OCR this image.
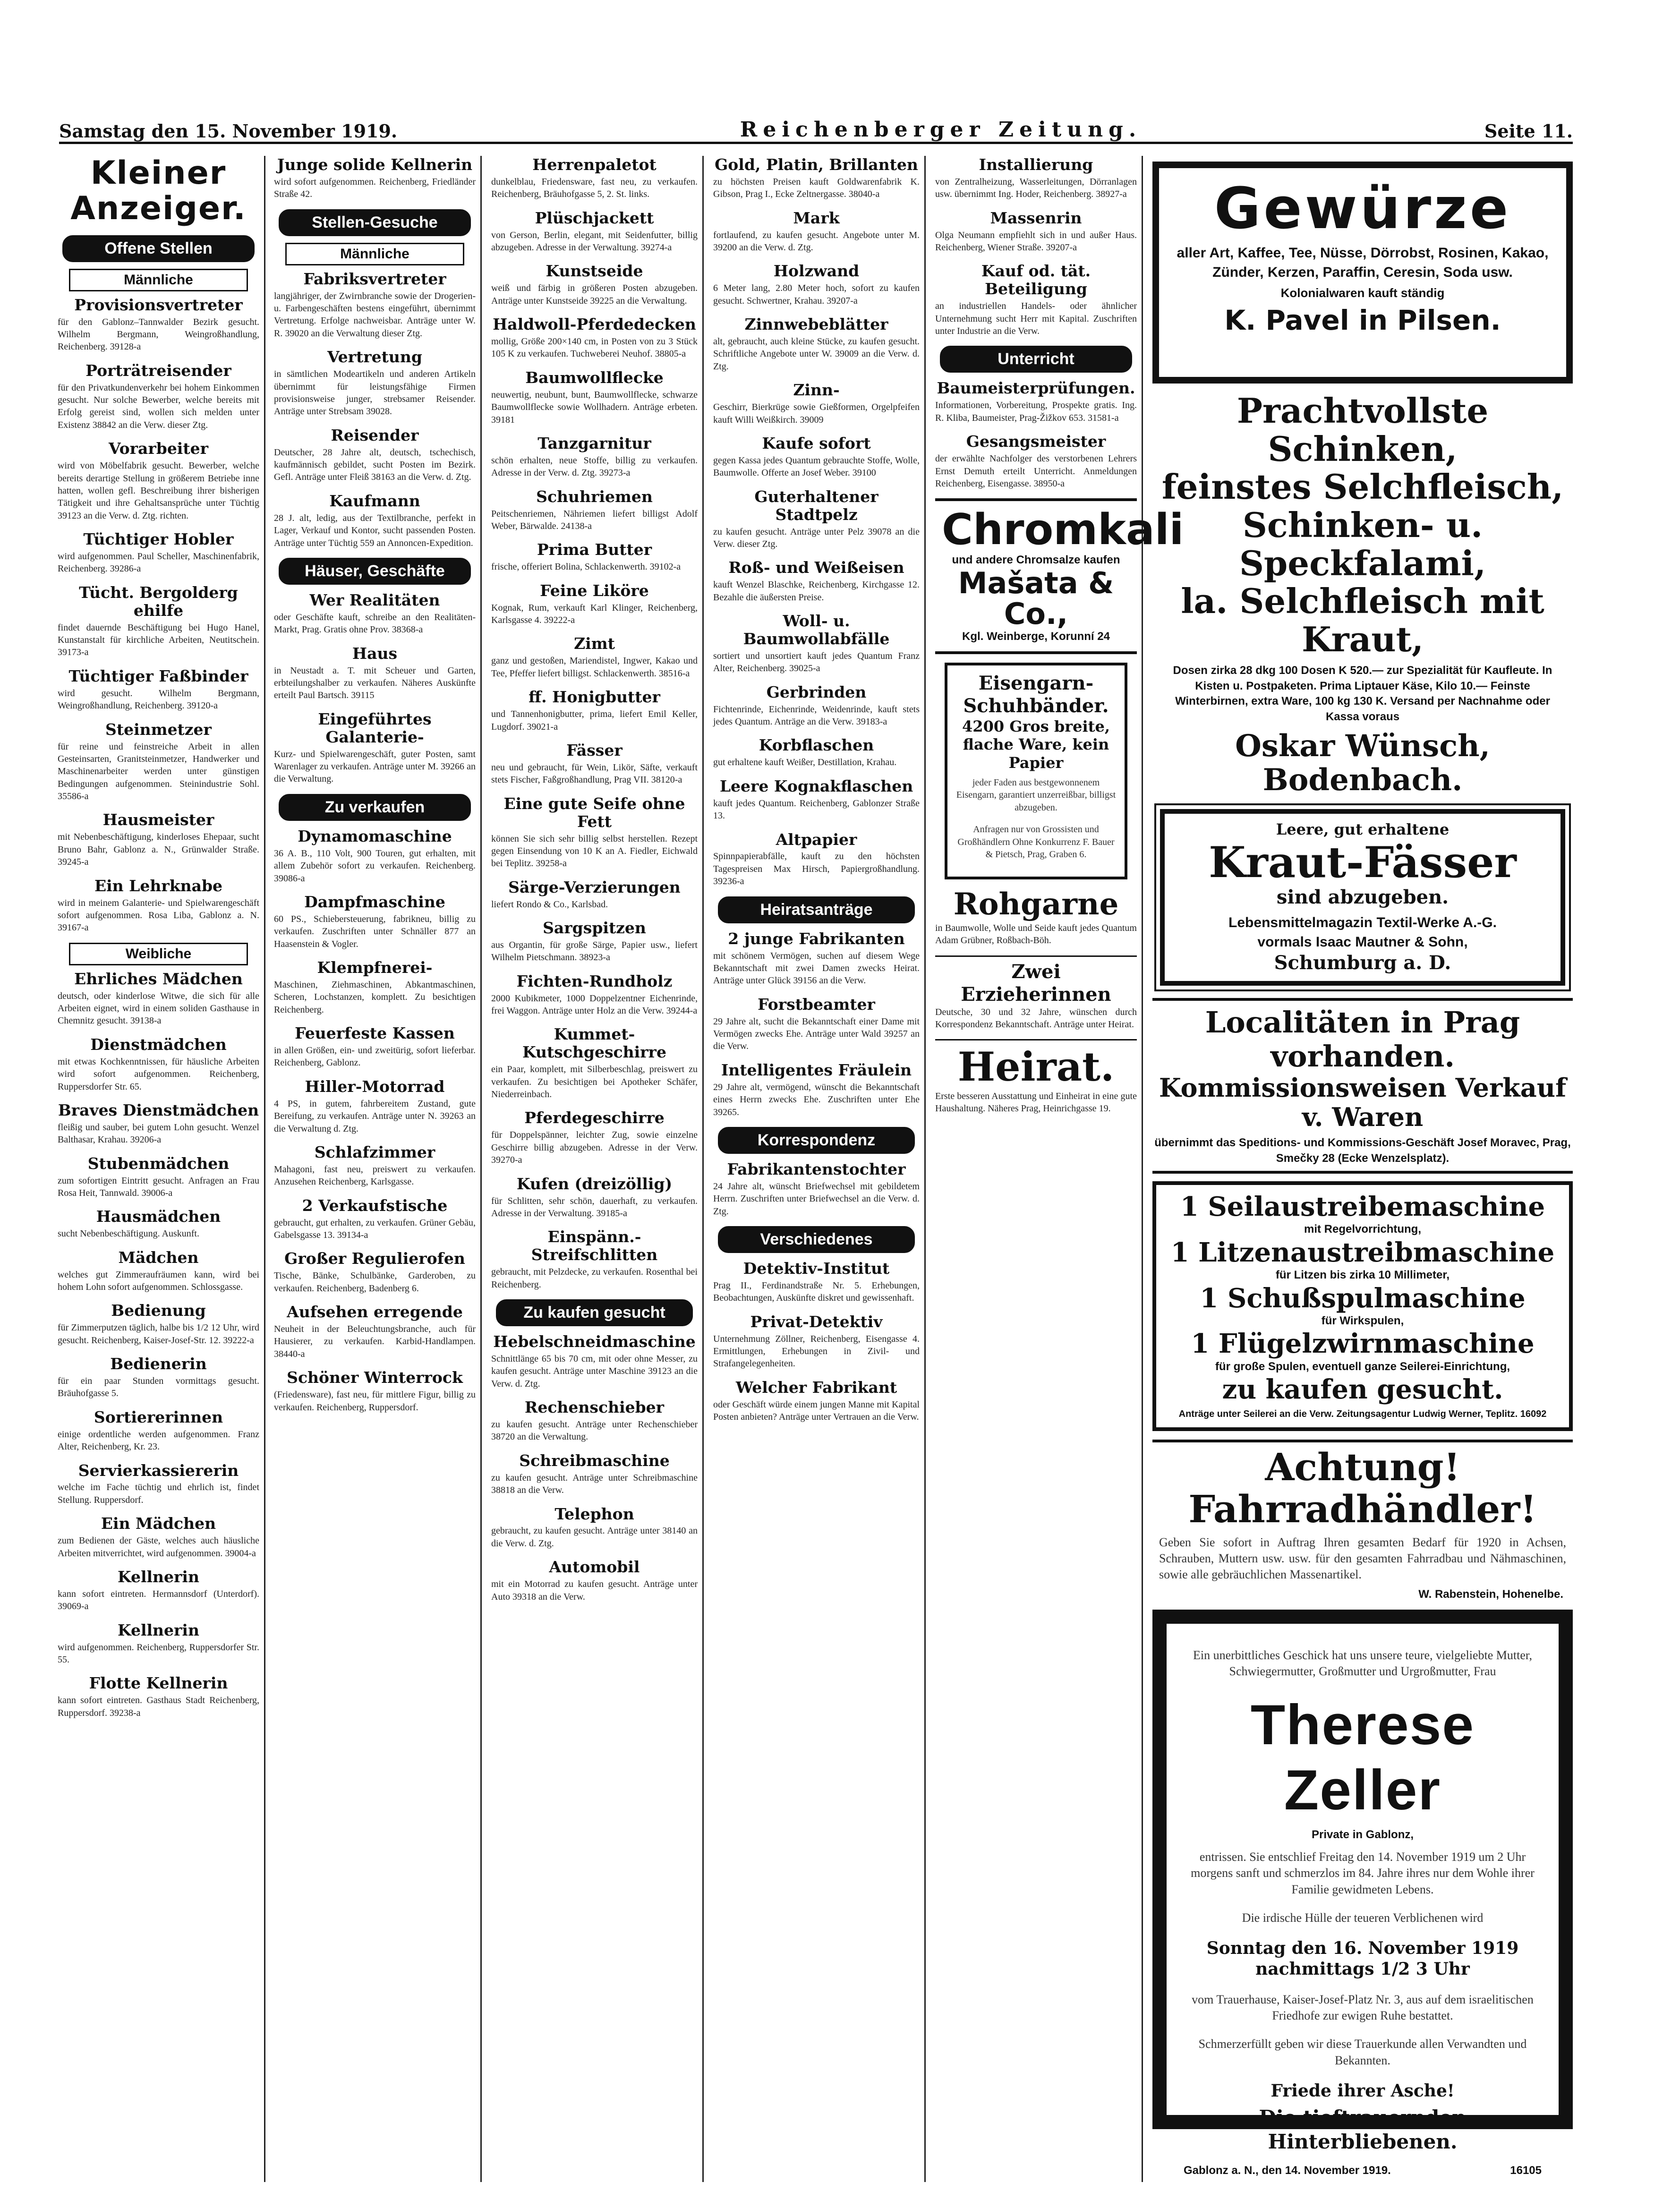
Samstag den 15. November 1919.	Reichenberger Zeitung.	Seite 11.
Kleiner Anzeiger.
Offene Stellen
Männliche
Provisionsvertreter

für den Gablonz–Tannwalder Bezirk gesucht. Wilhelm Bergmann, Weingroßhandlung, Reichenberg. 39128-a

Porträtreisender

für den Privatkundenverkehr bei hohem Einkommen gesucht. Nur solche Bewerber, welche bereits mit Erfolg gereist sind, wollen sich melden unter Existenz 38842 an die Verw. dieser Ztg.

Vorarbeiter

wird von Möbelfabrik gesucht. Bewerber, welche bereits derartige Stellung in größerem Betriebe inne hatten, wollen gefl. Beschreibung ihrer bisherigen Tätigkeit und ihre Gehaltsansprüche unter Tüchtig 39123 an die Verw. d. Ztg. richten.

Tüchtiger Hobler

wird aufgenommen. Paul Scheller, Maschinenfabrik, Reichenberg. 39286-a

Tücht. Bergolderg ehilfe

findet dauernde Beschäftigung bei Hugo Hanel, Kunstanstalt für kirchliche Arbeiten, Neutitschein. 39173-a

Tüchtiger Faßbinder

wird gesucht. Wilhelm Bergmann, Weingroßhandlung, Reichenberg. 39120-a

Steinmetzer

für reine und feinstreiche Arbeit in allen Gesteinsarten, Granitsteinmetzer, Handwerker und Maschinenarbeiter werden unter günstigen Bedingungen aufgenommen. Steinindustrie Sohl. 35586-a

Hausmeister

mit Nebenbeschäftigung, kinderloses Ehepaar, sucht Bruno Bahr, Gablonz a. N., Grünwalder Straße. 39245-a

Ein Lehrknabe

wird in meinem Galanterie- und Spielwarengeschäft sofort aufgenommen. Rosa Liba, Gablonz a. N. 39167-a

Weibliche
Ehrliches Mädchen

deutsch, oder kinderlose Witwe, die sich für alle Arbeiten eignet, wird in einem soliden Gasthause in Chemnitz gesucht. 39138-a

Dienstmädchen

mit etwas Kochkenntnissen, für häusliche Arbeiten wird sofort aufgenommen. Reichenberg, Ruppersdorfer Str. 65.

Braves Dienstmädchen

fleißig und sauber, bei gutem Lohn gesucht. Wenzel Balthasar, Krahau. 39206-a

Stubenmädchen

zum sofortigen Eintritt gesucht. Anfragen an Frau Rosa Heit, Tannwald. 39006-a

Hausmädchen

sucht Nebenbeschäftigung. Auskunft.

Mädchen

welches gut Zimmeraufräumen kann, wird bei hohem Lohn sofort aufgenommen. Schlossgasse.

Bedienung

für Zimmerputzen täglich, halbe bis 1/2 12 Uhr, wird gesucht. Reichenberg, Kaiser-Josef-Str. 12. 39222-a

Bedienerin

für ein paar Stunden vormittags gesucht. Bräuhofgasse 5.

Sortiererinnen

einige ordentliche werden aufgenommen. Franz Alter, Reichenberg, Kr. 23.

Servierkassiererin

welche im Fache tüchtig und ehrlich ist, findet Stellung. Ruppersdorf.

Ein Mädchen

zum Bedienen der Gäste, welches auch häusliche Arbeiten mitverrichtet, wird aufgenommen. 39004-a

Kellnerin

kann sofort eintreten. Hermannsdorf (Unterdorf). 39069-a

Kellnerin

wird aufgenommen. Reichenberg, Ruppersdorfer Str. 55.

Flotte Kellnerin

kann sofort eintreten. Gasthaus Stadt Reichenberg, Ruppersdorf. 39238-a

Junge solide Kellnerin

wird sofort aufgenommen. Reichenberg, Friedländer Straße 42.

Stellen-Gesuche
Männliche
Fabriksvertreter

langjähriger, der Zwirnbranche sowie der Drogerien- u. Farbengeschäften bestens eingeführt, übernimmt Vertretung. Erfolge nachweisbar. Anträge unter W. R. 39020 an die Verwaltung dieser Ztg.

Vertretung

in sämtlichen Modeartikeln und anderen Artikeln übernimmt für leistungsfähige Firmen provisionsweise junger, strebsamer Reisender. Anträge unter Strebsam 39028.

Reisender

Deutscher, 28 Jahre alt, deutsch, tschechisch, kaufmännisch gebildet, sucht Posten im Bezirk. Gefl. Anträge unter Fleiß 38163 an die Verw. d. Ztg.

Kaufmann

28 J. alt, ledig, aus der Textilbranche, perfekt in Lager, Verkauf und Kontor, sucht passenden Posten. Anträge unter Tüchtig 559 an Annoncen-Expedition.

Häuser, Geschäfte
Wer Realitäten

oder Geschäfte kauft, schreibe an den Realitäten-Markt, Prag. Gratis ohne Prov. 38368-a

Haus

in Neustadt a. T. mit Scheuer und Garten, erbteilungshalber zu verkaufen. Näheres Auskünfte erteilt Paul Bartsch. 39115

Eingeführtes Galanterie-

Kurz- und Spielwarengeschäft, guter Posten, samt Warenlager zu verkaufen. Anträge unter M. 39266 an die Verwaltung.

Zu verkaufen
Dynamomaschine

36 A. B., 110 Volt, 900 Touren, gut erhalten, mit allem Zubehör sofort zu verkaufen. Reichenberg. 39086-a

Dampfmaschine

60 PS., Schiebersteuerung, fabrikneu, billig zu verkaufen. Zuschriften unter Schnäller 877 an Haasenstein & Vogler.

Klempfnerei-

Maschinen, Ziehmaschinen, Abkantmaschinen, Scheren, Lochstanzen, komplett. Zu besichtigen Reichenberg.

Feuerfeste Kassen

in allen Größen, ein- und zweitürig, sofort lieferbar. Reichenberg, Gablonz.

Hiller-Motorrad

4 PS, in gutem, fahrbereitem Zustand, gute Bereifung, zu verkaufen. Anträge unter N. 39263 an die Verwaltung d. Ztg.

Schlafzimmer

Mahagoni, fast neu, preiswert zu verkaufen. Anzusehen Reichenberg, Karlsgasse.

2 Verkaufstische

gebraucht, gut erhalten, zu verkaufen. Grüner Gebäu, Gabelsgasse 13. 39134-a

Großer Regulierofen

Tische, Bänke, Schulbänke, Garderoben, zu verkaufen. Reichenberg, Badenberg 6.

Aufsehen erregende

Neuheit in der Beleuchtungsbranche, auch für Hausierer, zu verkaufen. Karbid-Handlampen. 38440-a

Schöner Winterrock

(Friedensware), fast neu, für mittlere Figur, billig zu verkaufen. Reichenberg, Ruppersdorf.

Herrenpaletot

dunkelblau, Friedensware, fast neu, zu verkaufen. Reichenberg, Bräuhofgasse 5, 2. St. links.

Plüschjackett

von Gerson, Berlin, elegant, mit Seidenfutter, billig abzugeben. Adresse in der Verwaltung. 39274-a

Kunstseide

weiß und färbig in größeren Posten abzugeben. Anträge unter Kunstseide 39225 an die Verwaltung.

Haldwoll-Pferdedecken

mollig, Größe 200×140 cm, in Posten von zu 3 Stück 105 K zu verkaufen. Tuchweberei Neuhof. 38805-a

Baumwollflecke

neuwertig, neubunt, bunt, Baumwollflecke, schwarze Baumwollflecke sowie Wollhadern. Anträge erbeten. 39181

Tanzgarnitur

schön erhalten, neue Stoffe, billig zu verkaufen. Adresse in der Verw. d. Ztg. 39273-a

Schuhriemen

Peitschenriemen, Nähriemen liefert billigst Adolf Weber, Bärwalde. 24138-a

Prima Butter

frische, offeriert Bolina, Schlackenwerth. 39102-a

Feine Liköre

Kognak, Rum, verkauft Karl Klinger, Reichenberg, Karlsgasse 4. 39222-a

Zimt

ganz und gestoßen, Mariendistel, Ingwer, Kakao und Tee, Pfeffer liefert billigst. Schlackenwerth. 38516-a

ff. Honigbutter

und Tannenhonigbutter, prima, liefert Emil Keller, Lugdorf. 39021-a

Fässer

neu und gebraucht, für Wein, Likör, Säfte, verkauft stets Fischer, Faßgroßhandlung, Prag VII. 38120-a

Eine gute Seife ohne Fett

können Sie sich sehr billig selbst herstellen. Rezept gegen Einsendung von 10 K an A. Fiedler, Eichwald bei Teplitz. 39258-a

Särge-Verzierungen

liefert Rondo & Co., Karlsbad.

Sargspitzen

aus Organtin, für große Särge, Papier usw., liefert Wilhelm Pietschmann. 38923-a

Fichten-Rundholz

2000 Kubikmeter, 1000 Doppelzentner Eichenrinde, frei Waggon. Anträge unter Holz an die Verw. 39244-a

Kummet-Kutschgeschirre

ein Paar, komplett, mit Silberbeschlag, preiswert zu verkaufen. Zu besichtigen bei Apotheker Schäfer, Niederreinbach.

Pferdegeschirre

für Doppelspänner, leichter Zug, sowie einzelne Geschirre billig abzugeben. Adresse in der Verw. 39270-a

Kufen (dreizöllig)

für Schlitten, sehr schön, dauerhaft, zu verkaufen. Adresse in der Verwaltung. 39185-a

Einspänn.-Streifschlitten

gebraucht, mit Pelzdecke, zu verkaufen. Rosenthal bei Reichenberg.

Zu kaufen gesucht
Hebelschneidmaschine

Schnittlänge 65 bis 70 cm, mit oder ohne Messer, zu kaufen gesucht. Anträge unter Maschine 39123 an die Verw. d. Ztg.

Rechenschieber

zu kaufen gesucht. Anträge unter Rechenschieber 38720 an die Verwaltung.

Schreibmaschine

zu kaufen gesucht. Anträge unter Schreibmaschine 38818 an die Verw.

Telephon

gebraucht, zu kaufen gesucht. Anträge unter 38140 an die Verw. d. Ztg.

Automobil

mit ein Motorrad zu kaufen gesucht. Anträge unter Auto 39318 an die Verw.

Gold, Platin, Brillanten

zu höchsten Preisen kauft Goldwarenfabrik K. Gibson, Prag I., Ecke Zeltnergasse. 38040-a

Mark

fortlaufend, zu kaufen gesucht. Angebote unter M. 39200 an die Verw. d. Ztg.

Holzwand

6 Meter lang, 2.80 Meter hoch, sofort zu kaufen gesucht. Schwertner, Krahau. 39207-a

Zinnwebeblätter

alt, gebraucht, auch kleine Stücke, zu kaufen gesucht. Schriftliche Angebote unter W. 39009 an die Verw. d. Ztg.

Zinn-

Geschirr, Bierkrüge sowie Gießformen, Orgelpfeifen kauft Willi Weißkirch. 39009

Kaufe sofort

gegen Kassa jedes Quantum gebrauchte Stoffe, Wolle, Baumwolle. Offerte an Josef Weber. 39100

Guterhaltener Stadtpelz

zu kaufen gesucht. Anträge unter Pelz 39078 an die Verw. dieser Ztg.

Roß- und Weißeisen

kauft Wenzel Blaschke, Reichenberg, Kirchgasse 12. Bezahle die äußersten Preise.

Woll- u. Baumwollabfälle

sortiert und unsortiert kauft jedes Quantum Franz Alter, Reichenberg. 39025-a

Gerbrinden

Fichtenrinde, Eichenrinde, Weidenrinde, kauft stets jedes Quantum. Anträge an die Verw. 39183-a

Korbflaschen

gut erhaltene kauft Weißer, Destillation, Krahau.

Leere Kognakflaschen

kauft jedes Quantum. Reichenberg, Gablonzer Straße 13.

Altpapier

Spinnpapierabfälle, kauft zu den höchsten Tagespreisen Max Hirsch, Papiergroßhandlung. 39236-a

Heiratsanträge
2 junge Fabrikanten

mit schönem Vermögen, suchen auf diesem Wege Bekanntschaft mit zwei Damen zwecks Heirat. Anträge unter Glück 39156 an die Verw.

Forstbeamter

29 Jahre alt, sucht die Bekanntschaft einer Dame mit Vermögen zwecks Ehe. Anträge unter Wald 39257 an die Verw.

Intelligentes Fräulein

29 Jahre alt, vermögend, wünscht die Bekanntschaft eines Herrn zwecks Ehe. Zuschriften unter Ehe 39265.

Korrespondenz
Fabrikantenstochter

24 Jahre alt, wünscht Briefwechsel mit gebildetem Herrn. Zuschriften unter Briefwechsel an die Verw. d. Ztg.

Verschiedenes
Detektiv-Institut

Prag II., Ferdinandstraße Nr. 5. Erhebungen, Beobachtungen, Auskünfte diskret und gewissenhaft.

Privat-Detektiv

Unternehmung Zöllner, Reichenberg, Eisengasse 4. Ermittlungen, Erhebungen in Zivil- und Strafangelegenheiten.

Welcher Fabrikant

oder Geschäft würde einem jungen Manne mit Kapital Posten anbieten? Anträge unter Vertrauen an die Verw.

Installierung

von Zentralheizung, Wasserleitungen, Dörranlagen usw. übernimmt Ing. Hoder, Reichenberg. 38927-a

Massenrin

Olga Neumann empfiehlt sich in und außer Haus. Reichenberg, Wiener Straße. 39207-a

Kauf od. tät. Beteiligung

an industriellen Handels- oder ähnlicher Unternehmung sucht Herr mit Kapital. Zuschriften unter Industrie an die Verw.

Unterricht
Baumeisterprüfungen.

Informationen, Vorbereitung, Prospekte gratis. Ing. R. Kliba, Baumeister, Prag-Žižkov 653. 31581-a

Gesangsmeister

der erwählte Nachfolger des verstorbenen Lehrers Ernst Demuth erteilt Unterricht. Anmeldungen Reichenberg, Eisengasse. 38950-a

Chromkali
und andere Chromsalze kaufen
Mašata & Co.,
Kgl. Weinberge, Korunní 24
Eisengarn-Schuhbänder.
4200 Gros breite, flache Ware, kein Papier

jeder Faden aus bestgewonnenem Eisengarn, garantiert unzerreißbar, billigst abzugeben.

Anfragen nur von Grossisten und Großhändlern Ohne Konkurrenz F. Bauer & Pietsch, Prag, Graben 6.

Rohgarne

in Baumwolle, Wolle und Seide kauft jedes Quantum Adam Grübner, Roßbach-Böh.

Zwei Erzieherinnen

Deutsche, 30 und 32 Jahre, wünschen durch Korrespondenz Bekanntschaft. Anträge unter Heirat.

Heirat.

Erste besseren Ausstattung und Einheirat in eine gute Haushaltung. Näheres Prag, Heinrichgasse 19.

Gewürze
aller Art, Kaffee, Tee, Nüsse, Dörrobst, Rosinen, Kakao, Zünder, Kerzen, Paraffin, Ceresin, Soda usw.
Kolonialwaren kauft ständig
K. Pavel in Pilsen.
Prachtvollste Schinken,
feinstes Selchfleisch,
Schinken- u. Speckfalami,
la. Selchfleisch mit Kraut,
Dosen zirka 28 dkg 100 Dosen K 520.— zur Spezialität für Kaufleute. In Kisten u. Postpaketen. Prima Liptauer Käse, Kilo 10.— Feinste Winterbirnen, extra Ware, 100 kg 130 K. Versand per Nachnahme oder Kassa voraus
Oskar Wünsch, Bodenbach.
Leere, gut erhaltene
Kraut-Fässer
sind abzugeben.
Lebensmittelmagazin Textil-Werke A.-G.
vormals Isaac Mautner & Sohn,
Schumburg a. D.
Localitäten in Prag vorhanden.
Kommissionsweisen Verkauf v. Waren
übernimmt das Speditions- und Kommissions-Geschäft Josef Moravec, Prag, Smečky 28 (Ecke Wenzelsplatz).
1 Seilaustreibemaschine
mit Regelvorrichtung,
1 Litzenaustreibmaschine
für Litzen bis zirka 10 Millimeter,
1 Schußspulmaschine
für Wirkspulen,
1 Flügelzwirnmaschine
für große Spulen, eventuell ganze Seilerei-Einrichtung,
zu kaufen gesucht.
Anträge unter Seilerei an die Verw. Zeitungsagentur Ludwig Werner, Teplitz. 16092
Achtung! Fahrradhändler!

Geben Sie sofort in Auftrag Ihren gesamten Bedarf für 1920 in Achsen, Schrauben, Muttern usw. usw. für den gesamten Fahrradbau und Nähmaschinen, sowie alle gebräuchlichen Massenartikel.

W. Rabenstein, Hohenelbe.

Ein unerbittliches Geschick hat uns unsere teure, vielgeliebte Mutter, Schwiegermutter, Großmutter und Urgroßmutter, Frau

Therese Zeller
Private in Gablonz,

entrissen. Sie entschlief Freitag den 14. November 1919 um 2 Uhr morgens sanft und schmerzlos im 84. Jahre ihres nur dem Wohle ihrer Familie gewidmeten Lebens.

Die irdische Hülle der teueren Verblichenen wird

Sonntag den 16. November 1919 nachmittags 1/2 3 Uhr

vom Trauerhause, Kaiser-Josef-Platz Nr. 3, aus auf dem israelitischen Friedhofe zur ewigen Ruhe bestattet.

Schmerzerfüllt geben wir diese Trauerkunde allen Verwandten und Bekannten.

Friede ihrer Asche!
Die tieftrauernden Hinterbliebenen.
Gablonz a. N., den 14. November 1919.	16105
